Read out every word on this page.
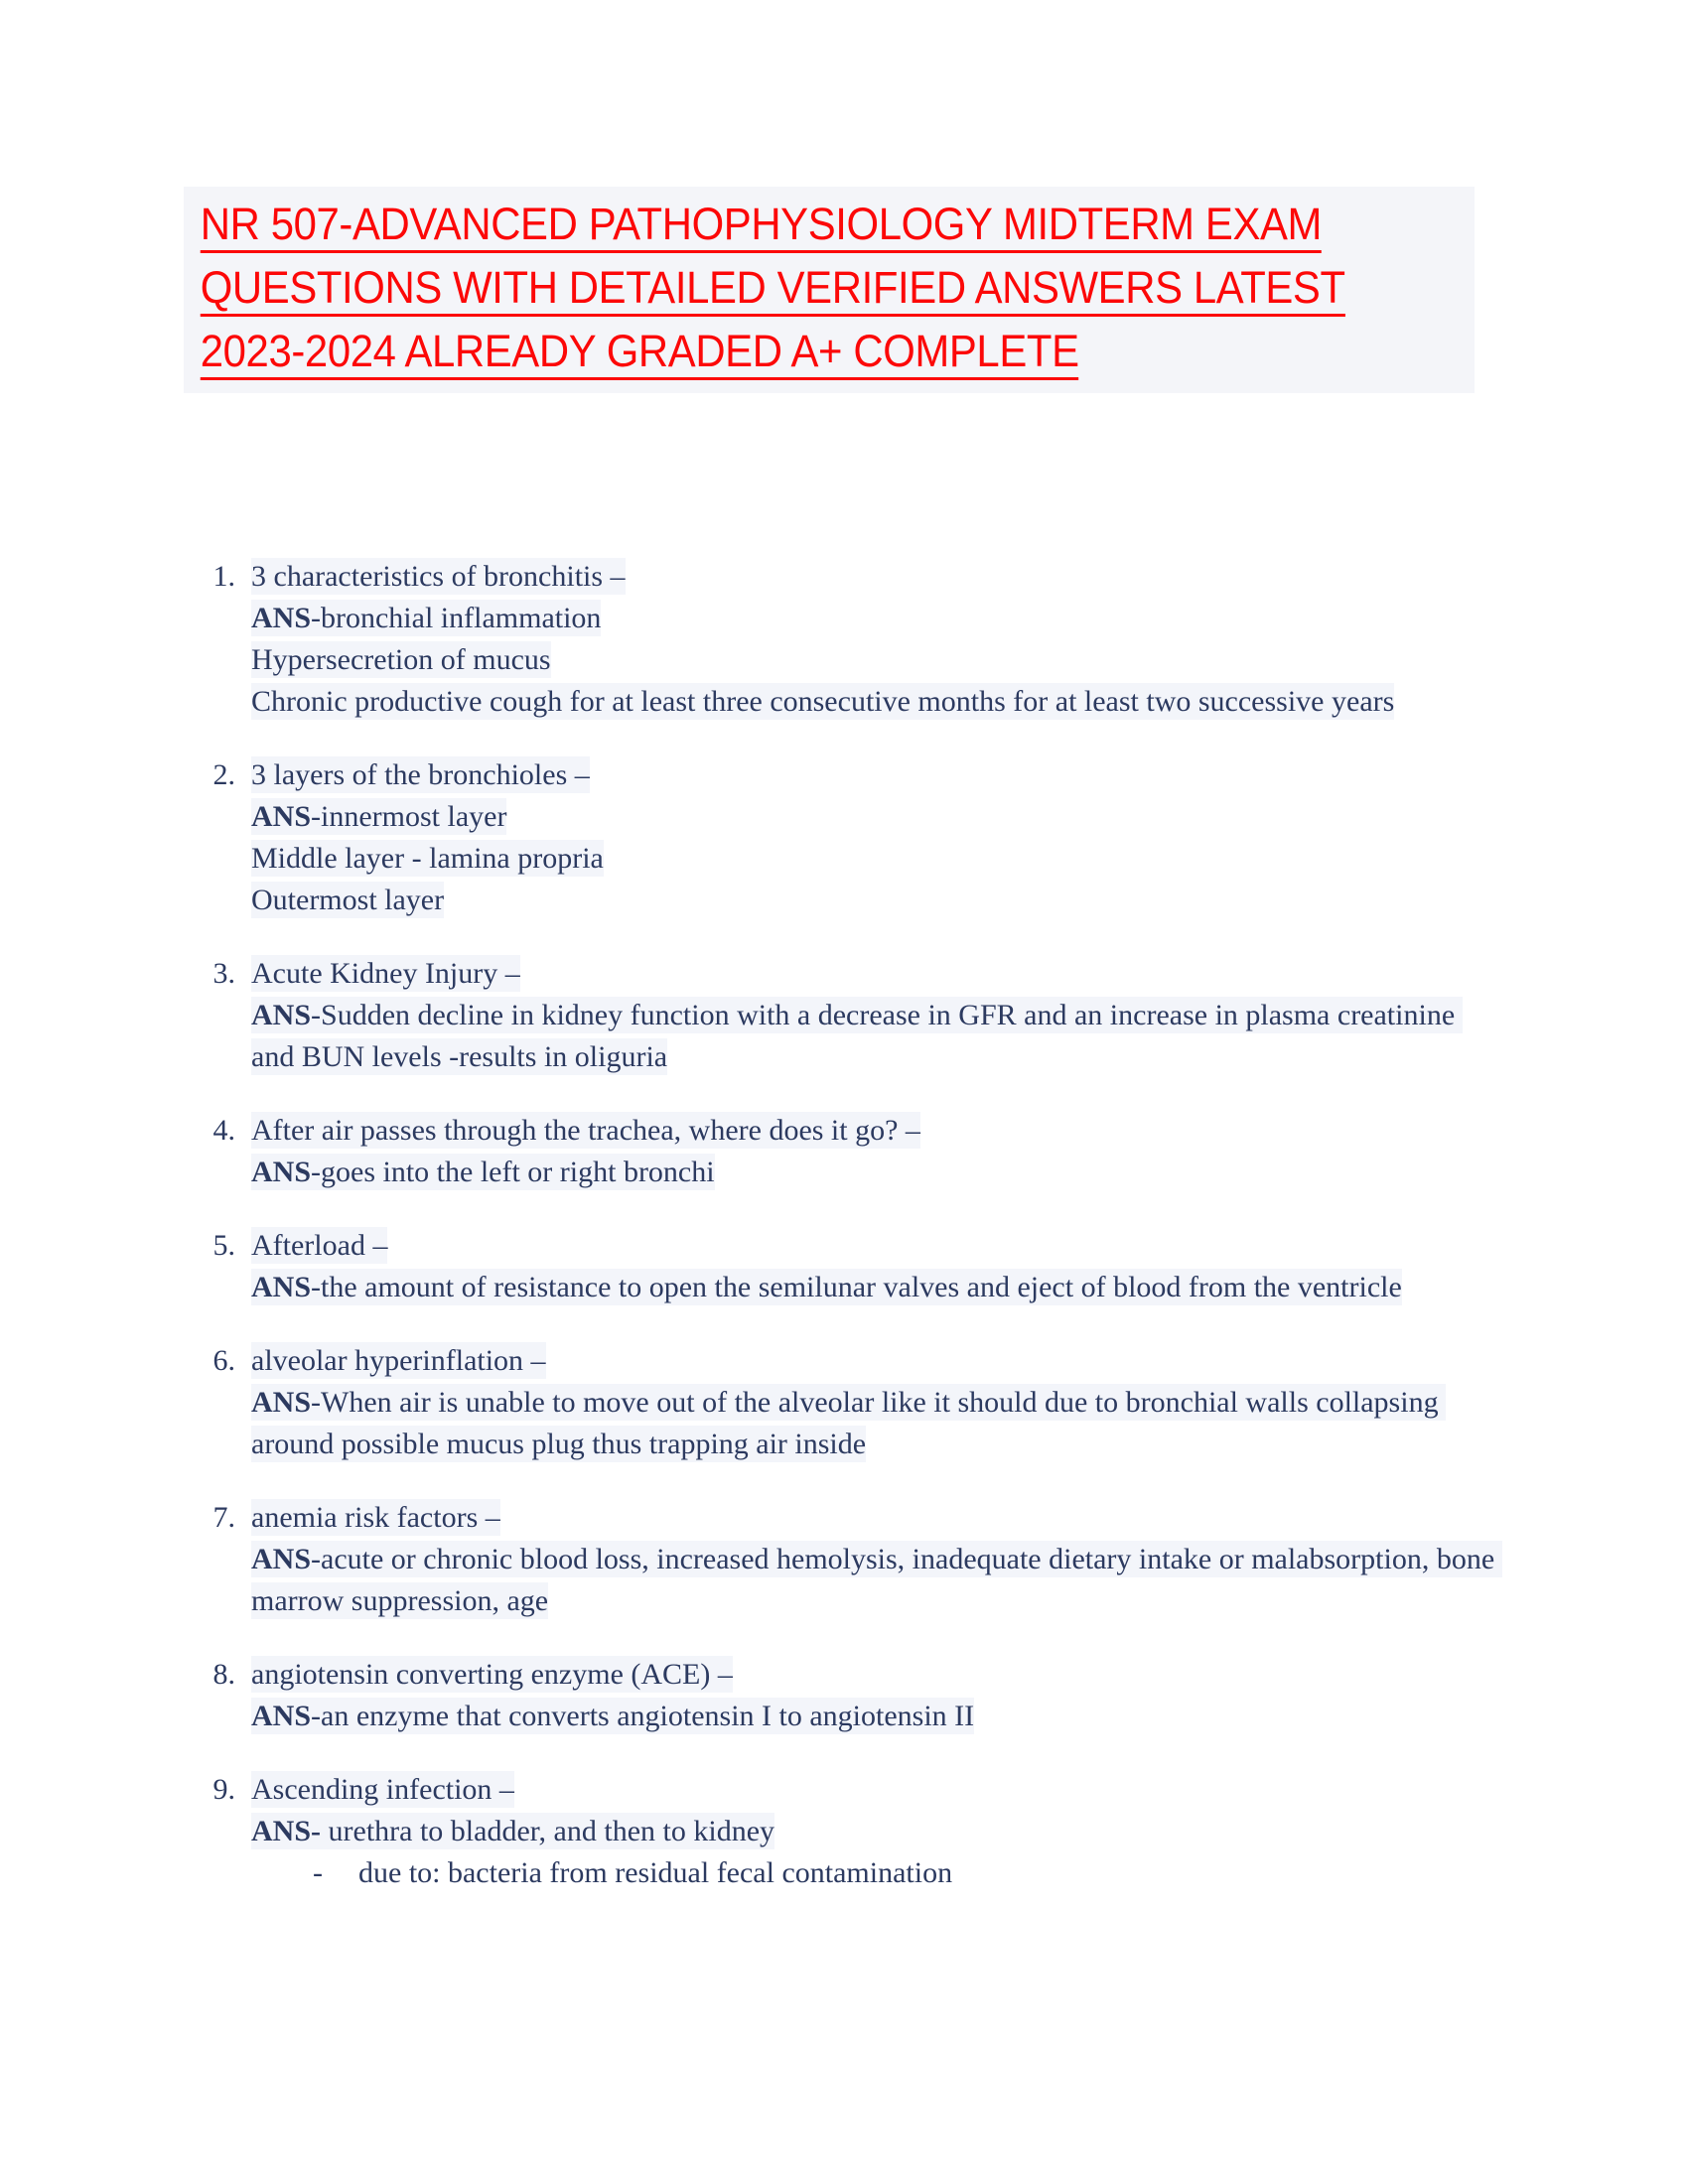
NR 507-ADVANCED PATHOPHYSIOLOGY MIDTERM EXAM
QUESTIONS WITH DETAILED VERIFIED ANSWERS LATEST
2023-2024 ALREADY GRADED A+ COMPLETE
1. 3 characteristics of bronchitis –

ANS-bronchial inflammation

Hypersecretion of mucus

Chronic productive cough for at least three consecutive months for at least two successive years

2. 3 layers of the bronchioles –

ANS-innermost layer

Middle layer - lamina propria

Outermost layer

3. Acute Kidney Injury –

ANS-Sudden decline in kidney function with a decrease in GFR and an increase in plasma creatinine and BUN levels -results in oliguria

4. After air passes through the trachea, where does it go? –

ANS-goes into the left or right bronchi

5. Afterload –

ANS-the amount of resistance to open the semilunar valves and eject of blood from the ventricle

6. alveolar hyperinflation –

ANS-When air is unable to move out of the alveolar like it should due to bronchial walls collapsing around possible mucus plug thus trapping air inside

7. anemia risk factors –

ANS-acute or chronic blood loss, increased hemolysis, inadequate dietary intake or malabsorption, bone marrow suppression, age

8. angiotensin converting enzyme (ACE) –

ANS-an enzyme that converts angiotensin I to angiotensin II

9. Ascending infection –

ANS- urethra to bladder, and then to kidney

-	due to: bacteria from residual fecal contamination
